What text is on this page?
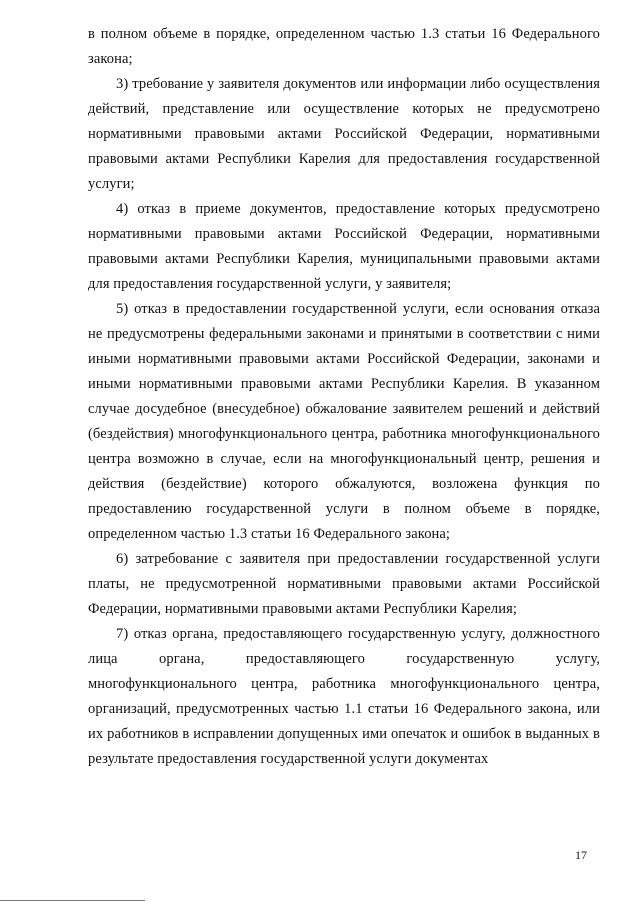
в полном объеме в порядке, определенном частью 1.3 статьи 16 Федерального закона;

3) требование у заявителя документов или информации либо осуществления действий, представление или осуществление которых не предусмотрено нормативными правовыми актами Российской Федерации, нормативными правовыми актами Республики Карелия для предоставления государственной услуги;

4) отказ в приеме документов, предоставление которых предусмотрено нормативными правовыми актами Российской Федерации, нормативными правовыми актами Республики Карелия, муниципальными правовыми актами для предоставления государственной услуги, у заявителя;

5) отказ в предоставлении государственной услуги, если основания отказа не предусмотрены федеральными законами и принятыми в соответствии с ними иными нормативными правовыми актами Российской Федерации, законами и иными нормативными правовыми актами Республики Карелия. В указанном случае досудебное (внесудебное) обжалование заявителем решений и действий (бездействия) многофункционального центра, работника многофункционального центра возможно в случае, если на многофункциональный центр, решения и действия (бездействие) которого обжалуются, возложена функция по предоставлению государственной услуги в полном объеме в порядке, определенном частью 1.3 статьи 16 Федерального закона;

6) затребование с заявителя при предоставлении государственной услуги платы, не предусмотренной нормативными правовыми актами Российской Федерации, нормативными правовыми актами Республики Карелия;

7) отказ органа, предоставляющего государственную услугу, должностного лица органа, предоставляющего государственную услугу, многофункционального центра, работника многофункционального центра, организаций, предусмотренных частью 1.1 статьи 16 Федерального закона, или их работников в исправлении допущенных ими опечаток и ошибок в выданных в результате предоставления государственной услуги документах

17
